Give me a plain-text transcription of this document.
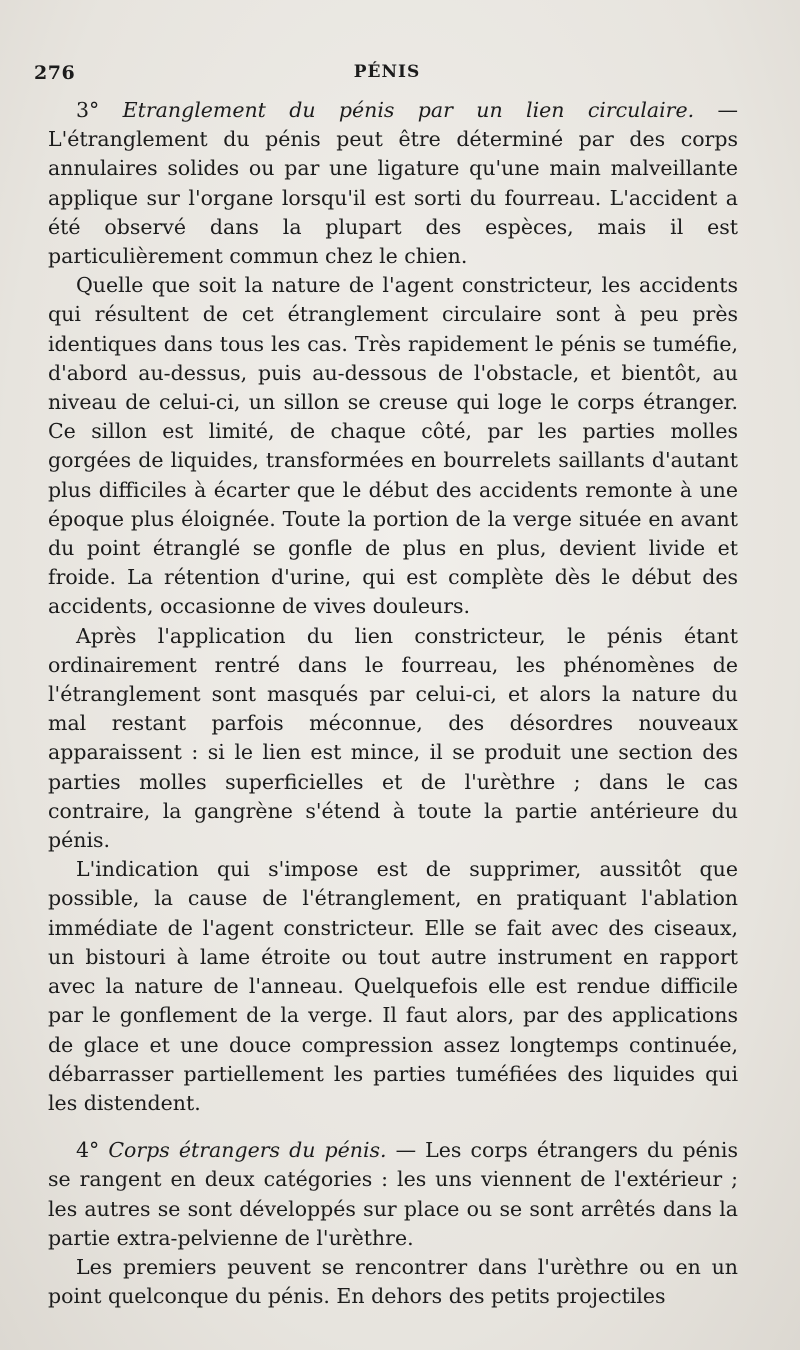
276	PÉNIS

3° Etranglement du pénis par un lien circulaire. — L'étranglement du pénis peut être déterminé par des corps annulaires solides ou par une ligature qu'une main malveillante applique sur l'organe lorsqu'il est sorti du fourreau. L'accident a été observé dans la plupart des espèces, mais il est particulièrement commun chez le chien.

Quelle que soit la nature de l'agent constricteur, les accidents qui résultent de cet étranglement circulaire sont à peu près identiques dans tous les cas. Très rapidement le pénis se tuméfie, d'abord au-dessus, puis au-dessous de l'obstacle, et bientôt, au niveau de celui-ci, un sillon se creuse qui loge le corps étranger. Ce sillon est limité, de chaque côté, par les parties molles gorgées de liquides, transformées en bourrelets saillants d'autant plus difficiles à écarter que le début des accidents remonte à une époque plus éloignée. Toute la portion de la verge située en avant du point étranglé se gonfle de plus en plus, devient livide et froide. La rétention d'urine, qui est complète dès le début des accidents, occasionne de vives douleurs.

Après l'application du lien constricteur, le pénis étant ordinairement rentré dans le fourreau, les phénomènes de l'étranglement sont masqués par celui-ci, et alors la nature du mal restant parfois méconnue, des désordres nouveaux apparaissent : si le lien est mince, il se produit une section des parties molles superficielles et de l'urèthre ; dans le cas contraire, la gangrène s'étend à toute la partie antérieure du pénis.

L'indication qui s'impose est de supprimer, aussitôt que possible, la cause de l'étranglement, en pratiquant l'ablation immédiate de l'agent constricteur. Elle se fait avec des ciseaux, un bistouri à lame étroite ou tout autre instrument en rapport avec la nature de l'anneau. Quelquefois elle est rendue difficile par le gonflement de la verge. Il faut alors, par des applications de glace et une douce compression assez longtemps continuée, débarrasser partiellement les parties tuméfiées des liquides qui les distendent.

4° Corps étrangers du pénis. — Les corps étrangers du pénis se rangent en deux catégories : les uns viennent de l'extérieur ; les autres se sont développés sur place ou se sont arrêtés dans la partie extra-pelvienne de l'urèthre.

Les premiers peuvent se rencontrer dans l'urèthre ou en un point quelconque du pénis. En dehors des petits projectiles
